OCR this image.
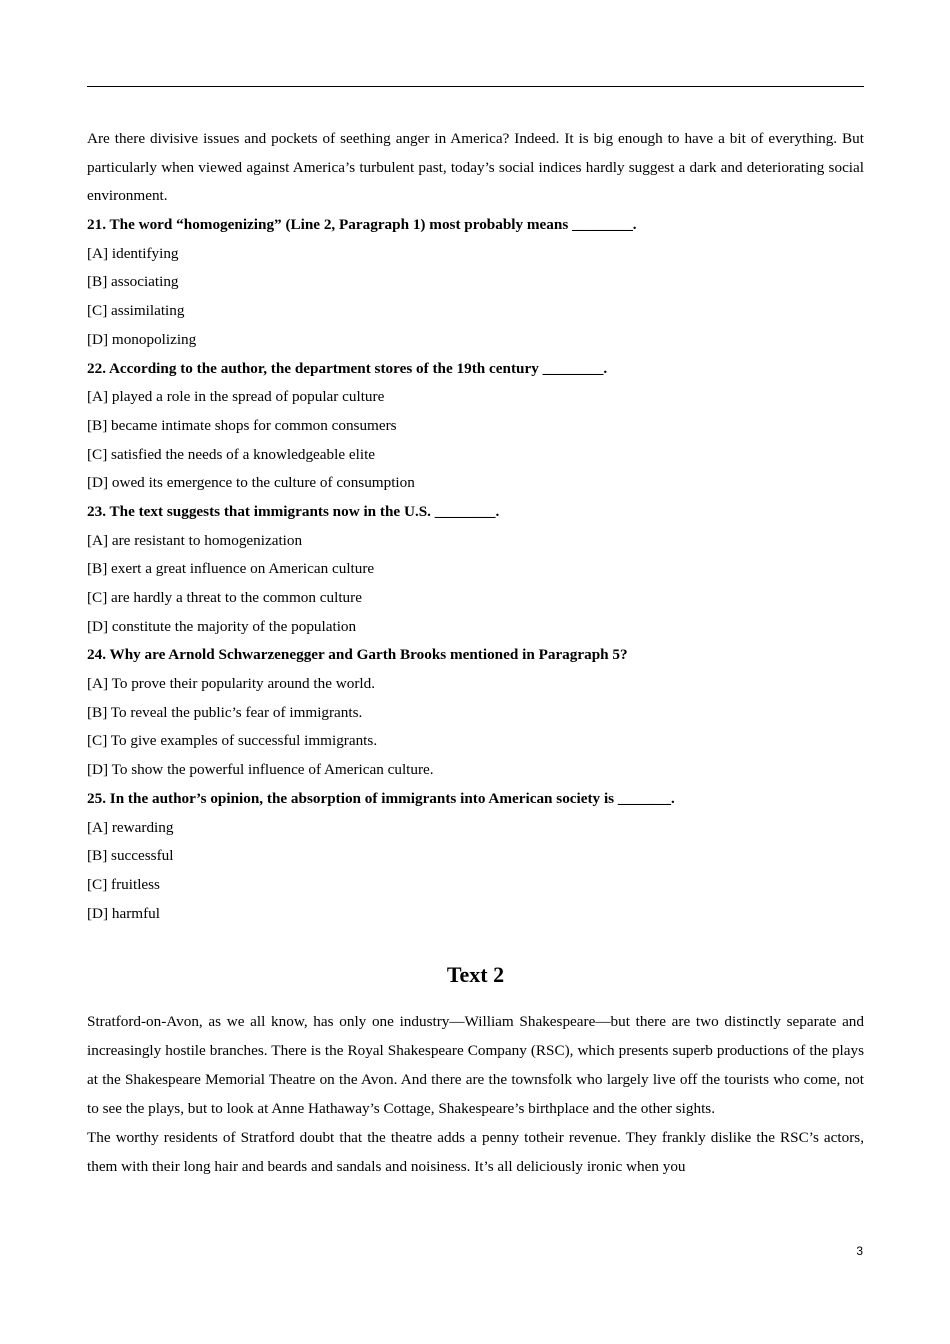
Are there divisive issues and pockets of seething anger in America? Indeed. It is big enough to have a bit of everything. But particularly when viewed against America’s turbulent past, today’s social indices hardly suggest a dark and deteriorating social environment.
21. The word “homogenizing” (Line 2, Paragraph 1) most probably means ________.
[A] identifying
[B] associating
[C] assimilating
[D] monopolizing
22. According to the author, the department stores of the 19th century ________.
[A] played a role in the spread of popular culture
[B] became intimate shops for common consumers
[C] satisfied the needs of a knowledgeable elite
[D] owed its emergence to the culture of consumption
23. The text suggests that immigrants now in the U.S. ________.
[A] are resistant to homogenization
[B] exert a great influence on American culture
[C] are hardly a threat to the common culture
[D] constitute the majority of the population
24. Why are Arnold Schwarzenegger and Garth Brooks mentioned in Paragraph 5?
[A] To prove their popularity around the world.
[B] To reveal the public’s fear of immigrants.
[C] To give examples of successful immigrants.
[D] To show the powerful influence of American culture.
25. In the author’s opinion, the absorption of immigrants into American society is _______.
[A] rewarding
[B] successful
[C] fruitless
[D] harmful
Text 2
Stratford-on-Avon, as we all know, has only one industry—William Shakespeare—but there are two distinctly separate and increasingly hostile branches. There is the Royal Shakespeare Company (RSC), which presents superb productions of the plays at the Shakespeare Memorial Theatre on the Avon. And there are the townsfolk who largely live off the tourists who come, not to see the plays, but to look at Anne Hathaway’s Cottage, Shakespeare’s birthplace and the other sights.
The worthy residents of Stratford doubt that the theatre adds a penny totheir revenue. They frankly dislike the RSC’s actors, them with their long hair and beards and sandals and noisiness. It’s all deliciously ironic when you
3
